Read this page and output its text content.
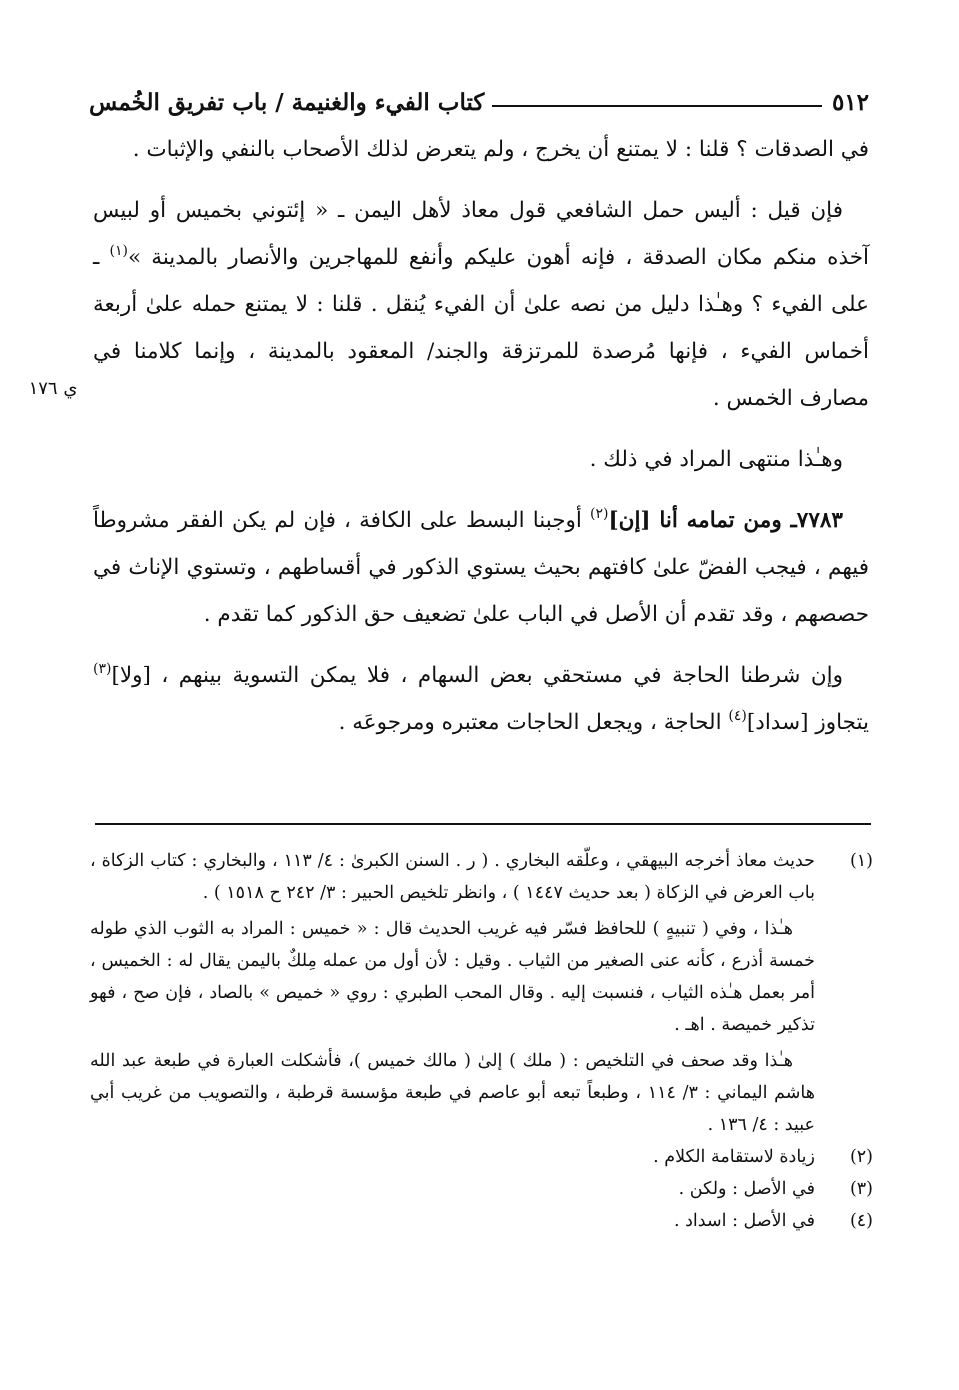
٥١٢
كتاب الفيء والغنيمة / باب تفريق الخُمس
ي ١٧٦

في الصدقات ؟ قلنا : لا يمتنع أن يخرج ، ولم يتعرض لذلك الأصحاب بالنفي والإثبات .

فإن قيل : أليس حمل الشافعي قول معاذ لأهل اليمن ـ « إئتوني بخميس أو لبيس آخذه منكم مكان الصدقة ، فإنه أهون عليكم وأنفع للمهاجرين والأنصار بالمدينة »$^{(١)}$ ـ على الفيء ؟ وهـٰذا دليل من نصه علىٰ أن الفيء يُنقل . قلنا : لا يمتنع حمله علىٰ أربعة أخماس الفيء ، فإنها مُرصدة للمرتزقة والجند/ المعقود بالمدينة ، وإنما كلامنا في مصارف الخمس .

وهـٰذا منتهى المراد في ذلك .

٧٧٨٣ـ ومن تمامه أنا [إن]$^{(٢)}$ أوجبنا البسط على الكافة ، فإن لم يكن الفقر مشروطاً فيهم ، فيجب الفضّ علىٰ كافتهم بحيث يستوي الذكور في أقساطهم ، وتستوي الإناث في حصصهم ، وقد تقدم أن الأصل في الباب علىٰ تضعيف حق الذكور كما تقدم .

وإن شرطنا الحاجة في مستحقي بعض السهام ، فلا يمكن التسوية بينهم ، [ولا]$^{(٣)}$ يتجاوز [سداد]$^{(٤)}$ الحاجة ، ويجعل الحاجات معتبره ومرجوعَه .

(١)

حديث معاذ أخرجه البيهقي ، وعلّقه البخاري . ( ر . السنن الكبرىٰ : ٤/ ١١٣ ، والبخاري : كتاب الزكاة ، باب العرض في الزكاة ( بعد حديث ١٤٤٧ ) ، وانظر تلخيص الحبير : ٣/ ٢٤٢ ح ١٥١٨ ) .

هـٰذا ، وفي ( تنبيهٍ ) للحافظ فسّر فيه غريب الحديث قال : « خميس : المراد به الثوب الذي طوله خمسة أذرع ، كأنه عنى الصغير من الثياب . وقيل : لأن أول من عمله مِلكٌ باليمن يقال له : الخميس ، أمر بعمل هـٰذه الثياب ، فنسبت إليه . وقال المحب الطبري : روي « خميص » بالصاد ، فإن صح ، فهو تذكير خميصة . اهـ .

هـٰذا وقد صحف في التلخيص : ( ملك ) إلىٰ ( مالك خميس )، فأشكلت العبارة في طبعة عبد الله هاشم اليماني : ٣/ ١١٤ ، وطبعاً تبعه أبو عاصم في طبعة مؤسسة قرطبة ، والتصويب من غريب أبي عبيد : ٤/ ١٣٦ .

(٢)

زيادة لاستقامة الكلام .

(٣)

في الأصل : ولكن .

(٤)

في الأصل : اسداد .
